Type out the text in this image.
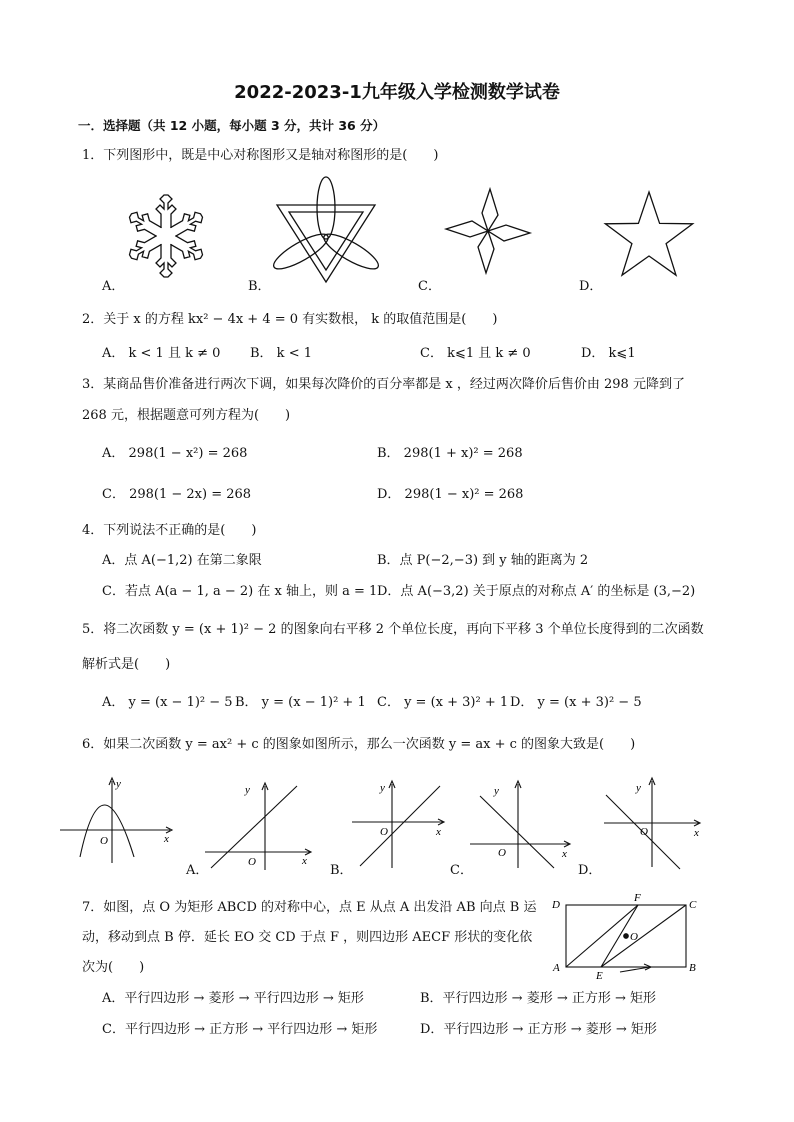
2022-2023-1九年级入学检测数学试卷
一．选择题（共 12 小题，每小题 3 分，共计 36 分）
1．下列图形中，既是中心对称图形又是轴对称图形的是(　　)
A．	B．	C．	D．
2．关于 x 的方程 kx² − 4x + 4 = 0 有实数根， k 的取值范围是(　　)
A． k < 1 且 k ≠ 0 B． k < 1	C． k⩽1 且 k ≠ 0	D． k⩽1
3．某商品售价准备进行两次下调，如果每次降价的百分率都是 x ，经过两次降价后售价由 298 元降到了
268 元，根据题意可列方程为(　　)
A． 298(1 − x²) = 268	B． 298(1 + x)² = 268
C． 298(1 − 2x) = 268	D． 298(1 − x)² = 268
4．下列说法不正确的是(　　)
A．点 A(−1,2) 在第二象限	B．点 P(−2,−3) 到 y 轴的距离为 2
C．若点 A(a − 1, a − 2) 在 x 轴上，则 a = 1 D．点 A(−3,2) 关于原点的对称点 A′ 的坐标是 (3,−2)
5．将二次函数 y = (x + 1)² − 2 的图象向右平移 2 个单位长度，再向下平移 3 个单位长度得到的二次函数
解析式是(　　)
A． y = (x − 1)² − 5 B． y = (x − 1)² + 1 C． y = (x + 3)² + 1 D． y = (x + 3)² − 5
6．如果二次函数 y = ax² + c 的图象如图所示，那么一次函数 y = ax + c 的图象大致是(　　)
y
x
O
y
x
O
A．
y
x
O
B．
y
x
O
C．
y
x
O
D．
7．如图，点 O 为矩形 ABCD 的对称中心，点 E 从点 A 出发沿 AB 向点 B 运
动，移动到点 B 停．延长 EO 交 CD 于点 F ，则四边形 AECF 形状的变化依
次为(　　)
D
F
C
O
A
E
B
A．平行四边形 → 菱形 → 平行四边形 → 矩形	B．平行四边形 → 菱形 → 正方形 → 矩形
C．平行四边形 → 正方形 → 平行四边形 → 矩形	D．平行四边形 → 正方形 → 菱形 → 矩形
